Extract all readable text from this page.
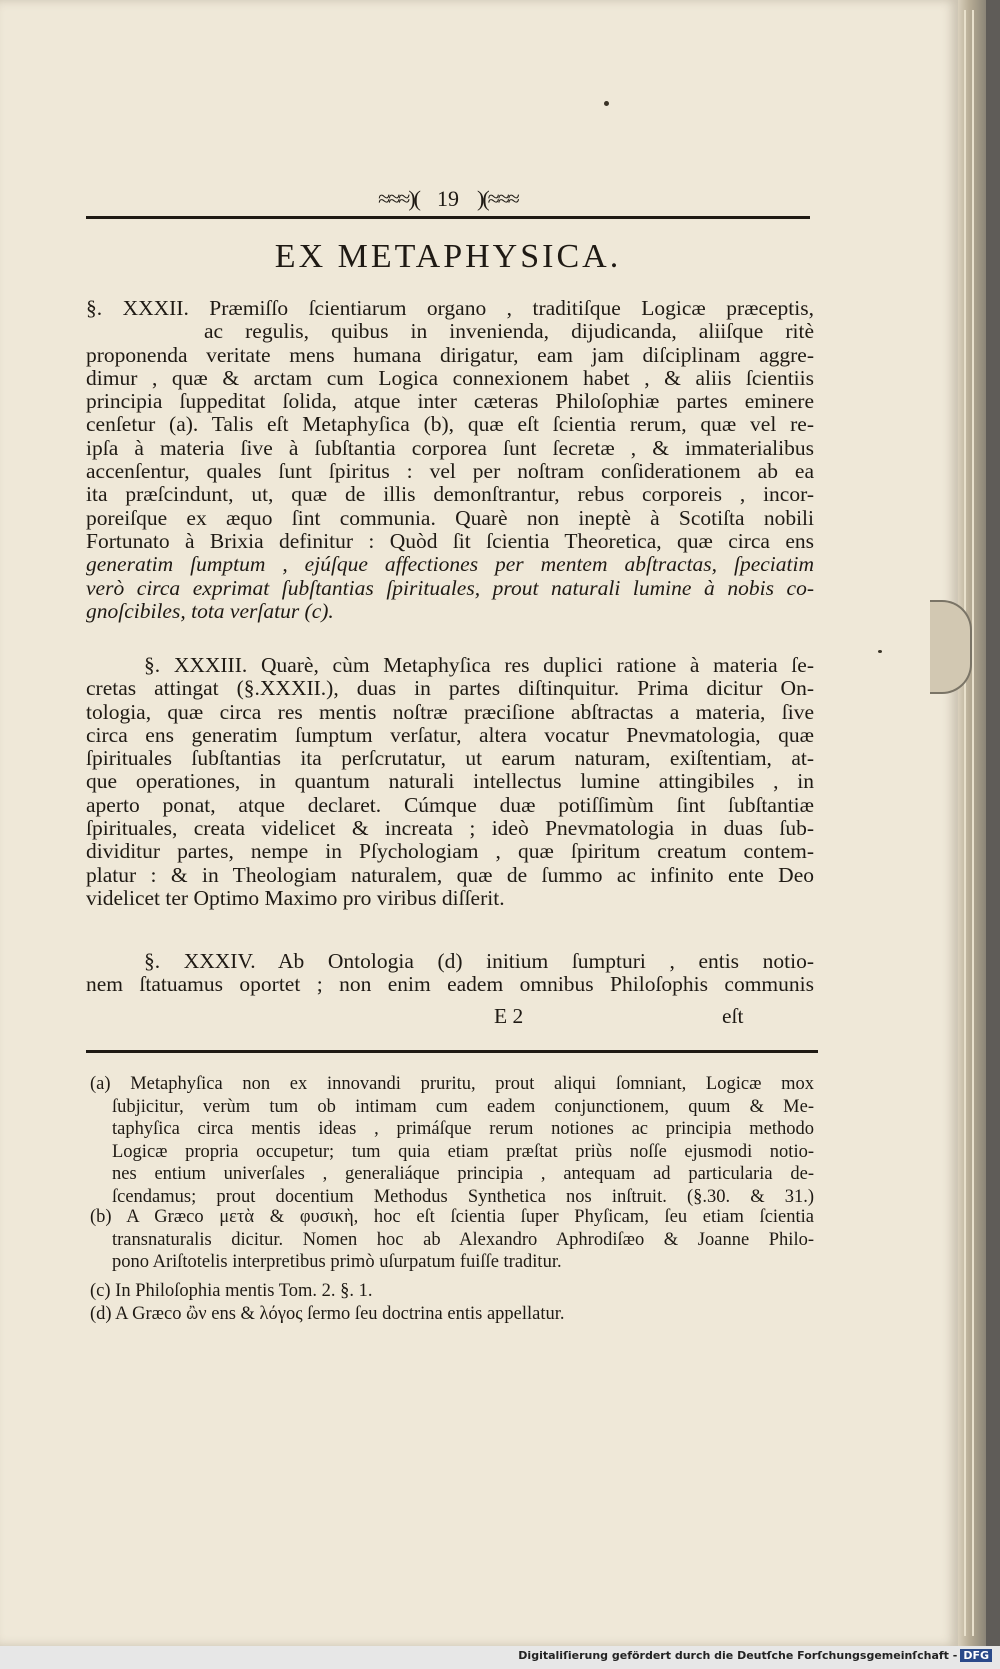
≈≈≈)( 19 )(≈≈≈
EX METAPHYSICA.
§. XXXII. Præmiſſo ſcientiarum organo , traditiſque Logicæ præceptis,
ac regulis, quibus in invenienda, dijudicanda, aliiſque ritè
proponenda veritate mens humana dirigatur, eam jam diſciplinam aggre-
dimur , quæ & arctam cum Logica connexionem habet , & aliis ſcientiis
principia ſuppeditat ſolida, atque inter cæteras Philoſophiæ partes eminere
cenſetur (a). Talis eſt Metaphyſica (b), quæ eſt ſcientia rerum, quæ vel re-
ipſa à materia ſive à ſubſtantia corporea ſunt ſecretæ , & immaterialibus
accenſentur, quales ſunt ſpiritus : vel per noſtram conſiderationem ab ea
ita præſcindunt, ut, quæ de illis demonſtrantur, rebus corporeis , incor-
poreiſque ex æquo ſint communia. Quarè non ineptè à Scotiſta nobili
Fortunato à Brixia definitur : Quòd ſit ſcientia Theoretica, quæ circa ens
generatim ſumptum , ejúſque affectiones per mentem abſtractas, ſpeciatim
verò circa exprimat ſubſtantias ſpirituales, prout naturali lumine à nobis co-
gnoſcibiles, tota verſatur (c).
§. XXXIII. Quarè, cùm Metaphyſica res duplici ratione à materia ſe-
cretas attingat (§.XXXII.), duas in partes diſtinquitur. Prima dicitur On-
tologia, quæ circa res mentis noſtræ præciſione abſtractas a materia, ſive
circa ens generatim ſumptum verſatur, altera vocatur Pnevmatologia, quæ
ſpirituales ſubſtantias ita perſcrutatur, ut earum naturam, exiſtentiam, at-
que operationes, in quantum naturali intellectus lumine attingibiles , in
aperto ponat, atque declaret. Cúmque duæ potiſſimùm ſint ſubſtantiæ
ſpirituales, creata videlicet & increata ; ideò Pnevmatologia in duas ſub-
dividitur partes, nempe in Pſychologiam , quæ ſpiritum creatum contem-
platur : & in Theologiam naturalem, quæ de ſummo ac infinito ente Deo
videlicet ter Optimo Maximo pro viribus diſſerit.
§. XXXIV. Ab Ontologia (d) initium ſumpturi , entis notio-
nem ſtatuamus oportet ; non enim eadem omnibus Philoſophis communis
E 2	eſt
(a) Metaphyſica non ex innovandi pruritu, prout aliqui ſomniant, Logicæ mox
ſubjicitur, verùm tum ob intimam cum eadem conjunctionem, quum & Me-
taphyſica circa mentis ideas , primáſque rerum notiones ac principia methodo
Logicæ propria occupetur; tum quia etiam præſtat priùs noſſe ejusmodi notio-
nes entium univerſales , generaliáque principia , antequam ad particularia de-
ſcendamus; prout docentium Methodus Synthetica nos inſtruit. (§.30. & 31.)
(b) A Græco μετὰ & φυσικὴ, hoc eſt ſcientia ſuper Phyſicam, ſeu etiam ſcientia
transnaturalis dicitur. Nomen hoc ab Alexandro Aphrodiſæo & Joanne Philo-
pono Ariſtotelis interpretibus primò uſurpatum fuiſſe traditur.
(c) In Philoſophia mentis Tom. 2. §. 1.
(d) A Græco ὢν ens & λόγος ſermo ſeu doctrina entis appellatur.
Digitaliſierung gefördert durch die Deutſche Forſchungsgemeinſchaft - DFG
